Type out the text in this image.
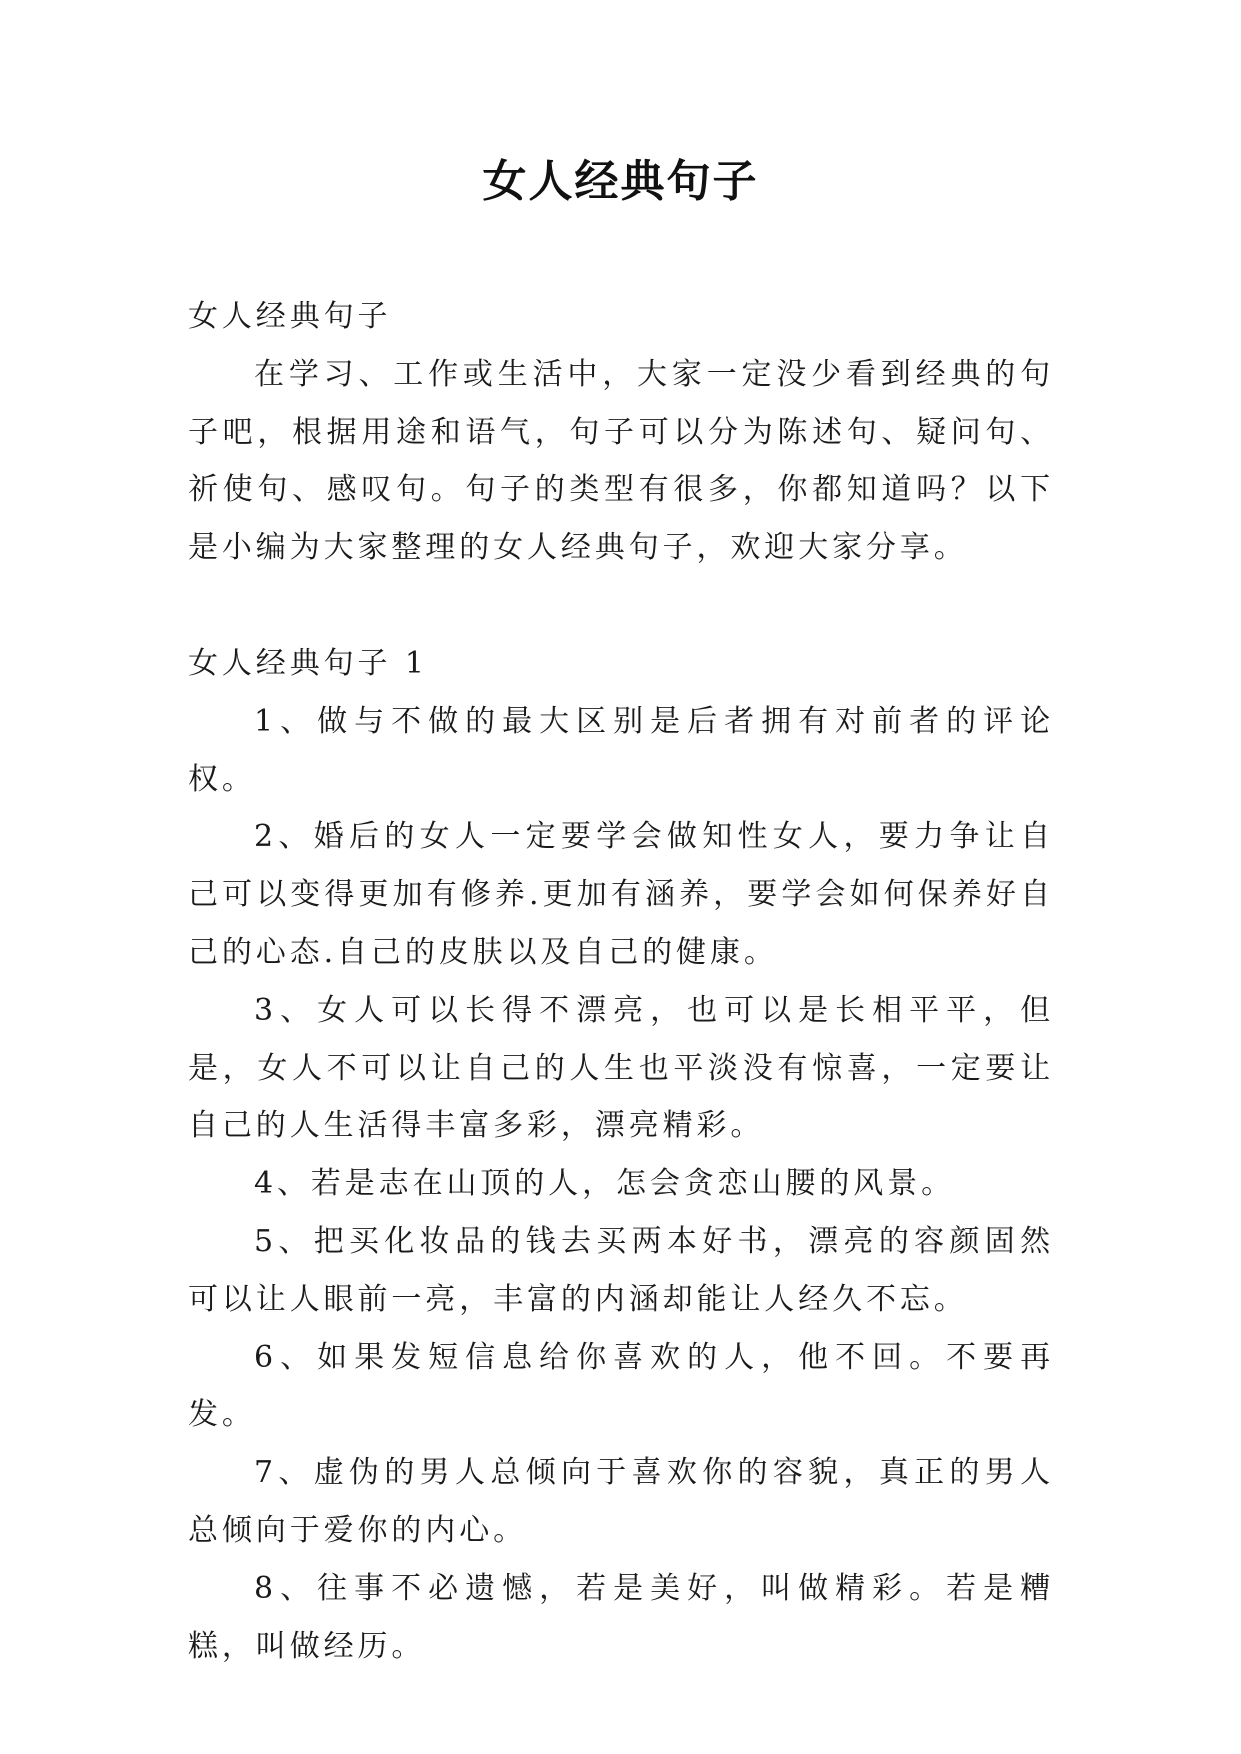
女人经典句子

女人经典句子

在学习、工作或生活中，大家一定没少看到经典的句子吧，根据用途和语气，句子可以分为陈述句、疑问句、祈使句、感叹句。句子的类型有很多，你都知道吗？以下是小编为大家整理的女人经典句子，欢迎大家分享。

女人经典句子 1

1、做与不做的最大区别是后者拥有对前者的评论权。

2、婚后的女人一定要学会做知性女人，要力争让自己可以变得更加有修养.更加有涵养，要学会如何保养好自己的心态.自己的皮肤以及自己的健康。

3、女人可以长得不漂亮，也可以是长相平平，但是，女人不可以让自己的人生也平淡没有惊喜，一定要让自己的人生活得丰富多彩，漂亮精彩。

4、若是志在山顶的人，怎会贪恋山腰的风景。

5、把买化妆品的钱去买两本好书，漂亮的容颜固然可以让人眼前一亮，丰富的内涵却能让人经久不忘。

6、如果发短信息给你喜欢的人，他不回。不要再发。

7、虚伪的男人总倾向于喜欢你的容貌，真正的男人总倾向于爱你的内心。

8、往事不必遗憾，若是美好，叫做精彩。若是糟糕，叫做经历。
